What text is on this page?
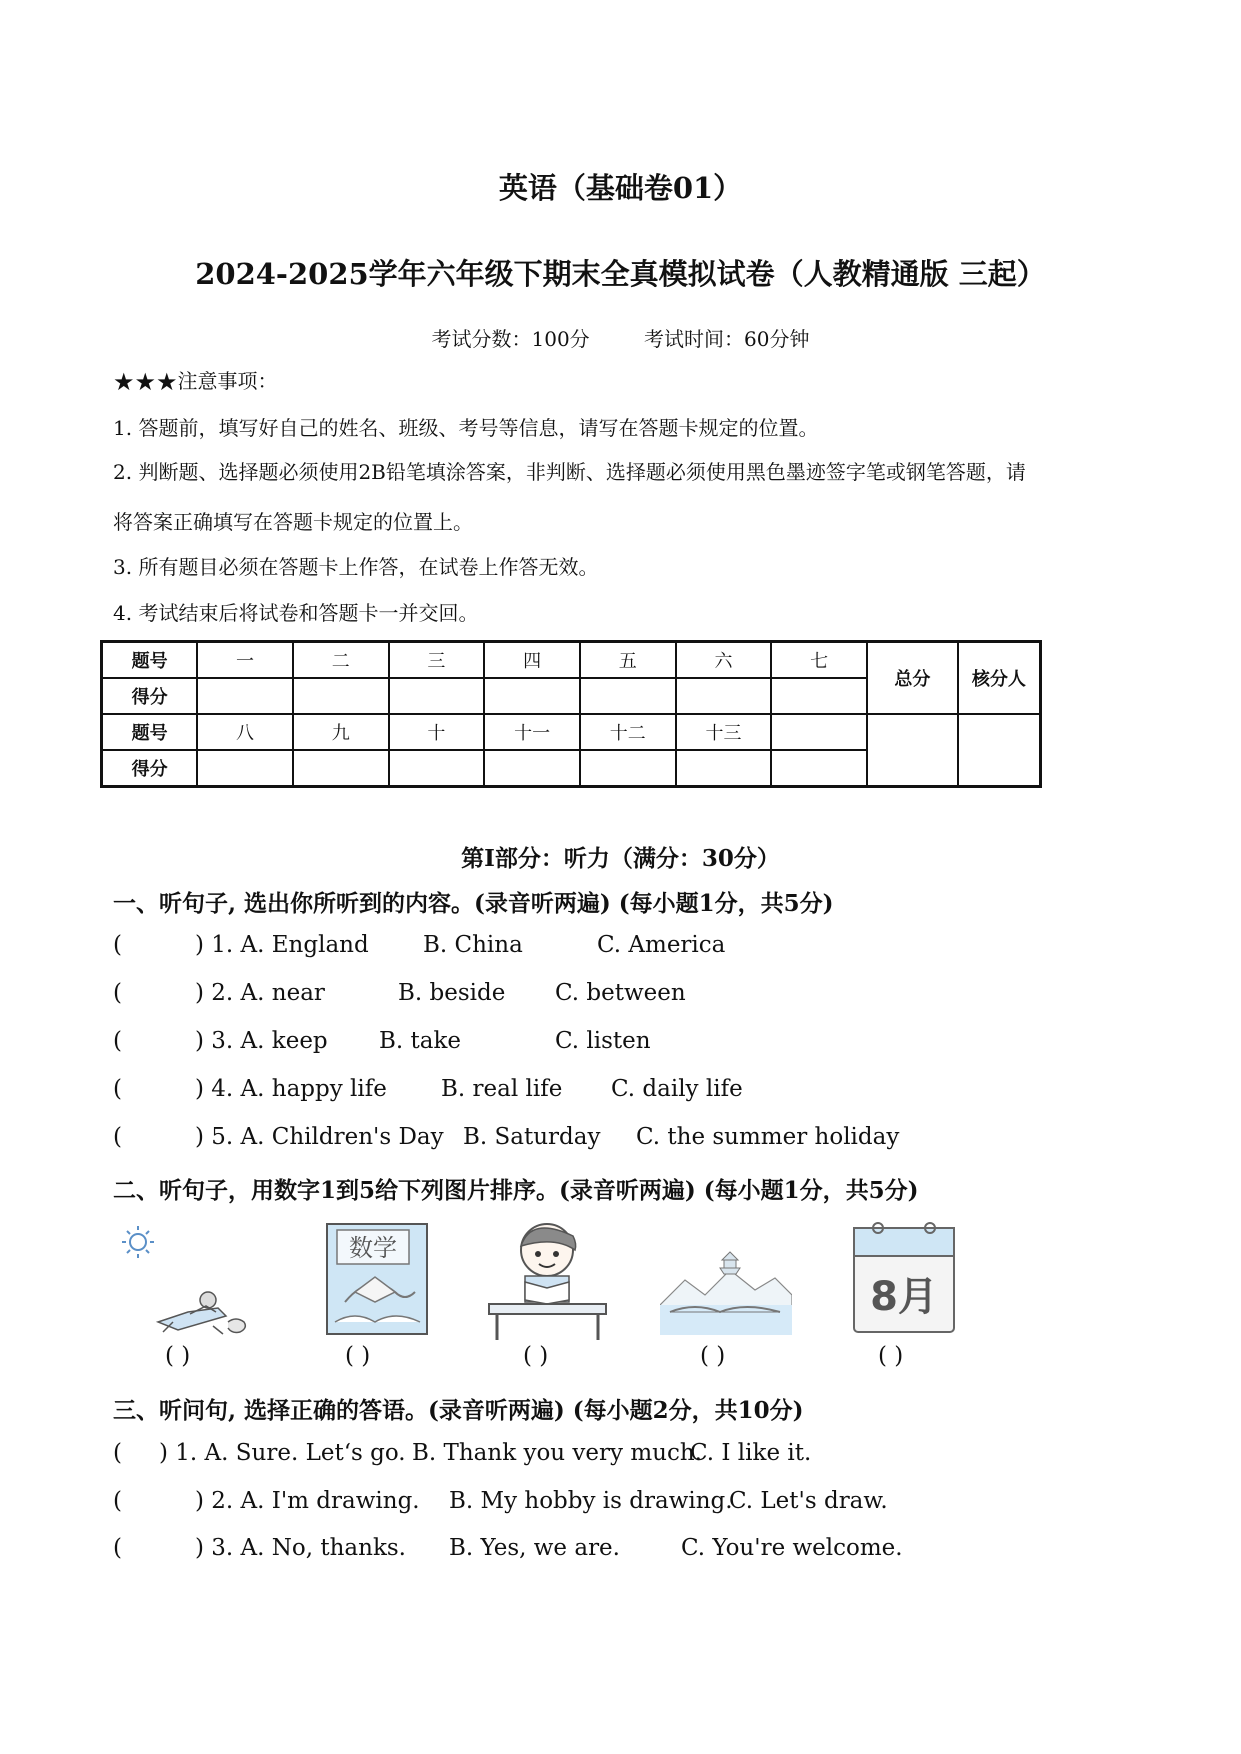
英语（基础卷01）
2024-2025学年六年级下期末全真模拟试卷（人教精通版 三起）
考试分数：100分	考试时间：60分钟
★★★注意事项：
1. 答题前，填写好自己的姓名、班级、考号等信息，请写在答题卡规定的位置。
2. 判断题、选择题必须使用2B铅笔填涂答案，非判断、选择题必须使用黑色墨迹签字笔或钢笔答题，请
将答案正确填写在答题卡规定的位置上。
3. 所有题目必须在答题卡上作答，在试卷上作答无效。
4. 考试结束后将试卷和答题卡一并交回。
题号	一	二	三	四	五	六	七	总分	核分人
得分									
题号	八	九	十	十一	十二	十三			
得分									
第Ⅰ部分：听力（满分：30分）
一、听句子, 选出你所听到的内容。(录音听两遍) (每小题1分，共5分)
(	) 1. A. England B. China	C. America
(	) 2. A. near	B. beside C. between
(	) 3. A. keep B. take	C. listen
(	) 4. A. happy life B. real life C. daily life
(	) 5. A. Children's Day B. Saturday C. the summer holiday
二、听句子，用数字1到5给下列图片排序。(录音听两遍) (每小题1分，共5分)
数学
8月
( )	( )	( )	( )	( )
三、听问句, 选择正确的答语。(录音听两遍) (每小题2分，共10分)
( ) 1. A. Sure. Let‘s go. B. Thank you very much.
C. I like it.
(	) 2. A. I'm drawing. B. My hobby is drawing.
C. Let's draw.
(	) 3. A. No, thanks. B. Yes, we are.	C. You're welcome.
